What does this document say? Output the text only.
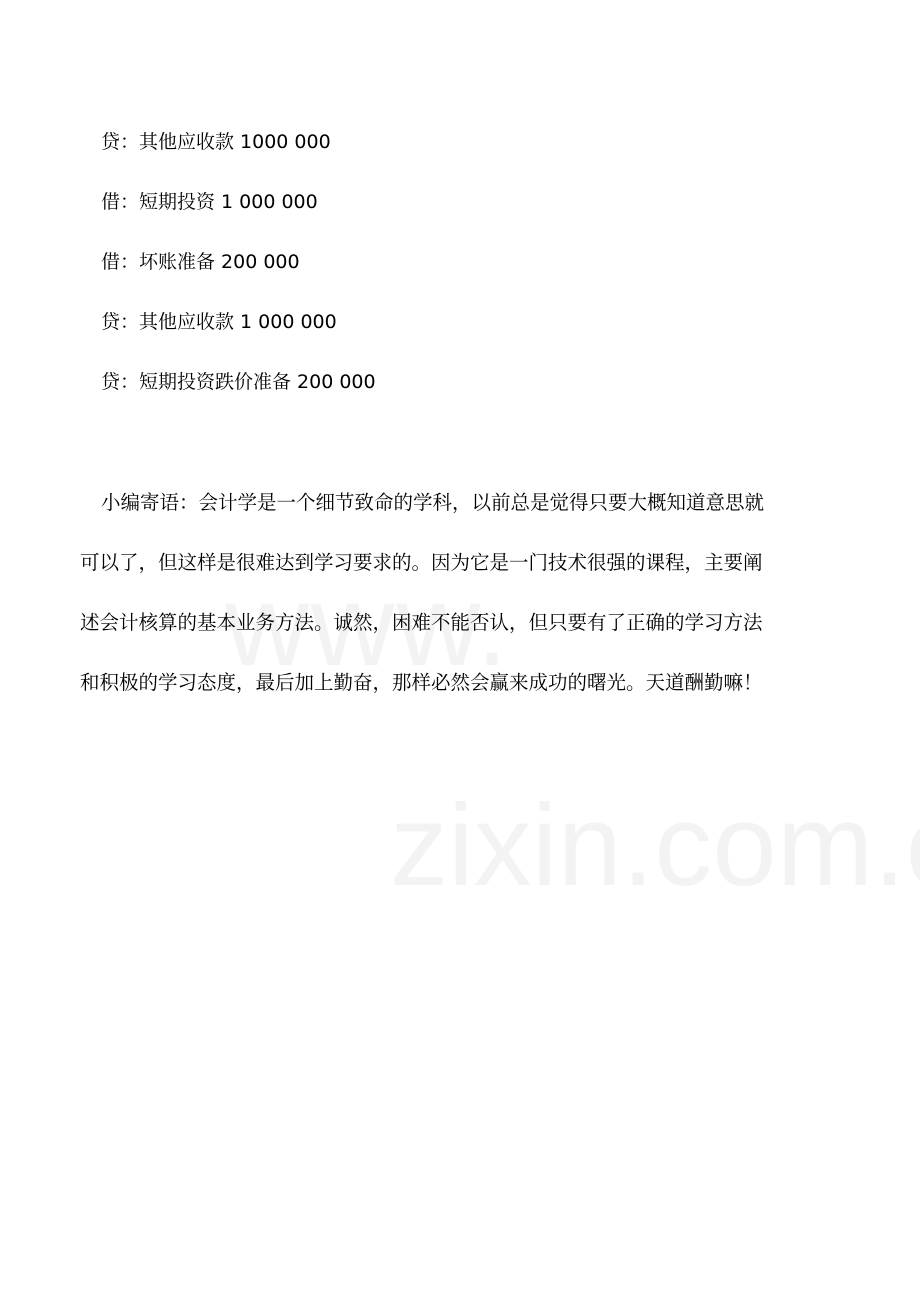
贷：其他应收款 1000 000
借：短期投资 1 000 000
借：坏账准备 200 000
贷：其他应收款 1 000 000
贷：短期投资跌价准备 200 000
小编寄语：会计学是一个细节致命的学科，以前总是觉得只要大概知道意思就
可以了，但这样是很难达到学习要求的。因为它是一门技术很强的课程，主要阐
述会计核算的基本业务方法。诚然，困难不能否认，但只要有了正确的学习方法
和积极的学习态度，最后加上勤奋，那样必然会赢来成功的曙光。天道酬勤嘛！
